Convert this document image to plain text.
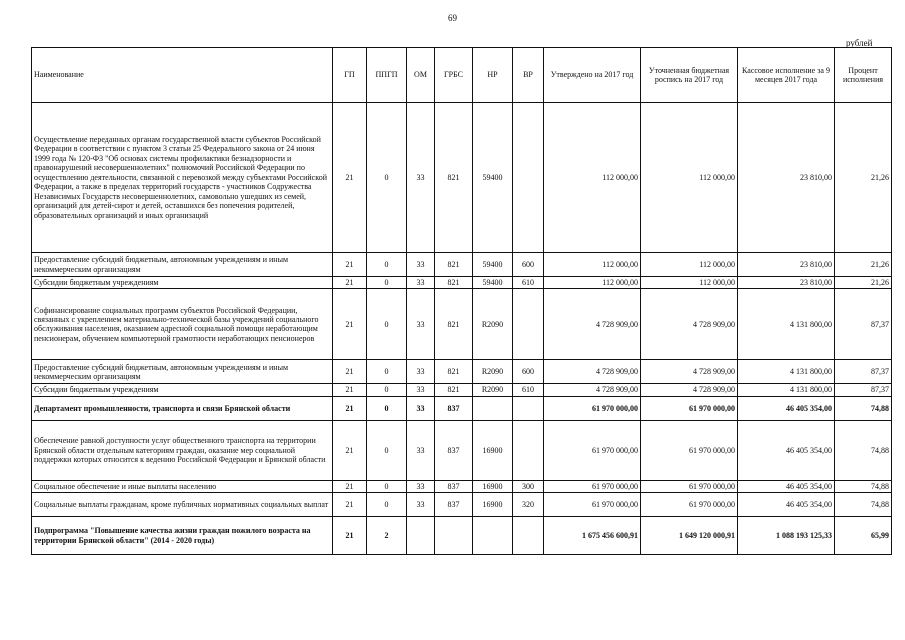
69
рублей
Наименование	ГП	ППГП	ОМ	ГРБС	НР	ВР	Утверждено на 2017 год	Уточненная бюджетная роспись на 2017 год	Кассовое исполнение за 9 месяцев 2017 года	Процент исполнения
Осуществление переданных органам государственной власти субъектов Российской Федерации в соответствии с пунктом 3 статьи 25 Федерального закона от 24 июня 1999 года № 120-ФЗ "Об основах системы профилактики безнадзорности и правонарушений несовершеннолетних" полномочий Российской Федерации по осуществлению деятельности, связанной с перевозкой между субъектами Российской Федерации, а также в пределах территорий государств - участников Содружества Независимых Государств несовершеннолетних, самовольно ушедших из семей, организаций для детей-сирот и детей, оставшихся без попечения родителей, образовательных организаций и иных организаций	21	0	33	821	59400		112 000,00	112 000,00	23 810,00	21,26
Предоставление субсидий бюджетным, автономным учреждениям и иным некоммерческим организациям	21	0	33	821	59400	600	112 000,00	112 000,00	23 810,00	21,26
Субсидии бюджетным учреждениям	21	0	33	821	59400	610	112 000,00	112 000,00	23 810,00	21,26
Софинансирование социальных программ субъектов Российской Федерации, связанных с укреплением материально-технической базы учреждений социального обслуживания населения, оказанием адресной социальной помощи неработающим пенсионерам, обучением компьютерной грамотности неработающих пенсионеров	21	0	33	821	R2090		4 728 909,00	4 728 909,00	4 131 800,00	87,37
Предоставление субсидий бюджетным, автономным учреждениям и иным некоммерческим организациям	21	0	33	821	R2090	600	4 728 909,00	4 728 909,00	4 131 800,00	87,37
Субсидии бюджетным учреждениям	21	0	33	821	R2090	610	4 728 909,00	4 728 909,00	4 131 800,00	87,37
Департамент промышленности, транспорта и связи Брянской области	21	0	33	837			61 970 000,00	61 970 000,00	46 405 354,00	74,88
Обеспечение равной доступности услуг общественного транспорта на территории Брянской области отдельным категориям граждан, оказание мер социальной поддержки которых относится к ведению Российской Федерации и Брянской области	21	0	33	837	16900		61 970 000,00	61 970 000,00	46 405 354,00	74,88
Социальное обеспечение и иные выплаты населению	21	0	33	837	16900	300	61 970 000,00	61 970 000,00	46 405 354,00	74,88
Социальные выплаты гражданам, кроме публичных нормативных социальных выплат	21	0	33	837	16900	320	61 970 000,00	61 970 000,00	46 405 354,00	74,88
Подпрограмма "Повышение качества жизни граждан пожилого возраста на территории Брянской области" (2014 - 2020 годы)	21	2					1 675 456 600,91	1 649 120 000,91	1 088 193 125,33	65,99
